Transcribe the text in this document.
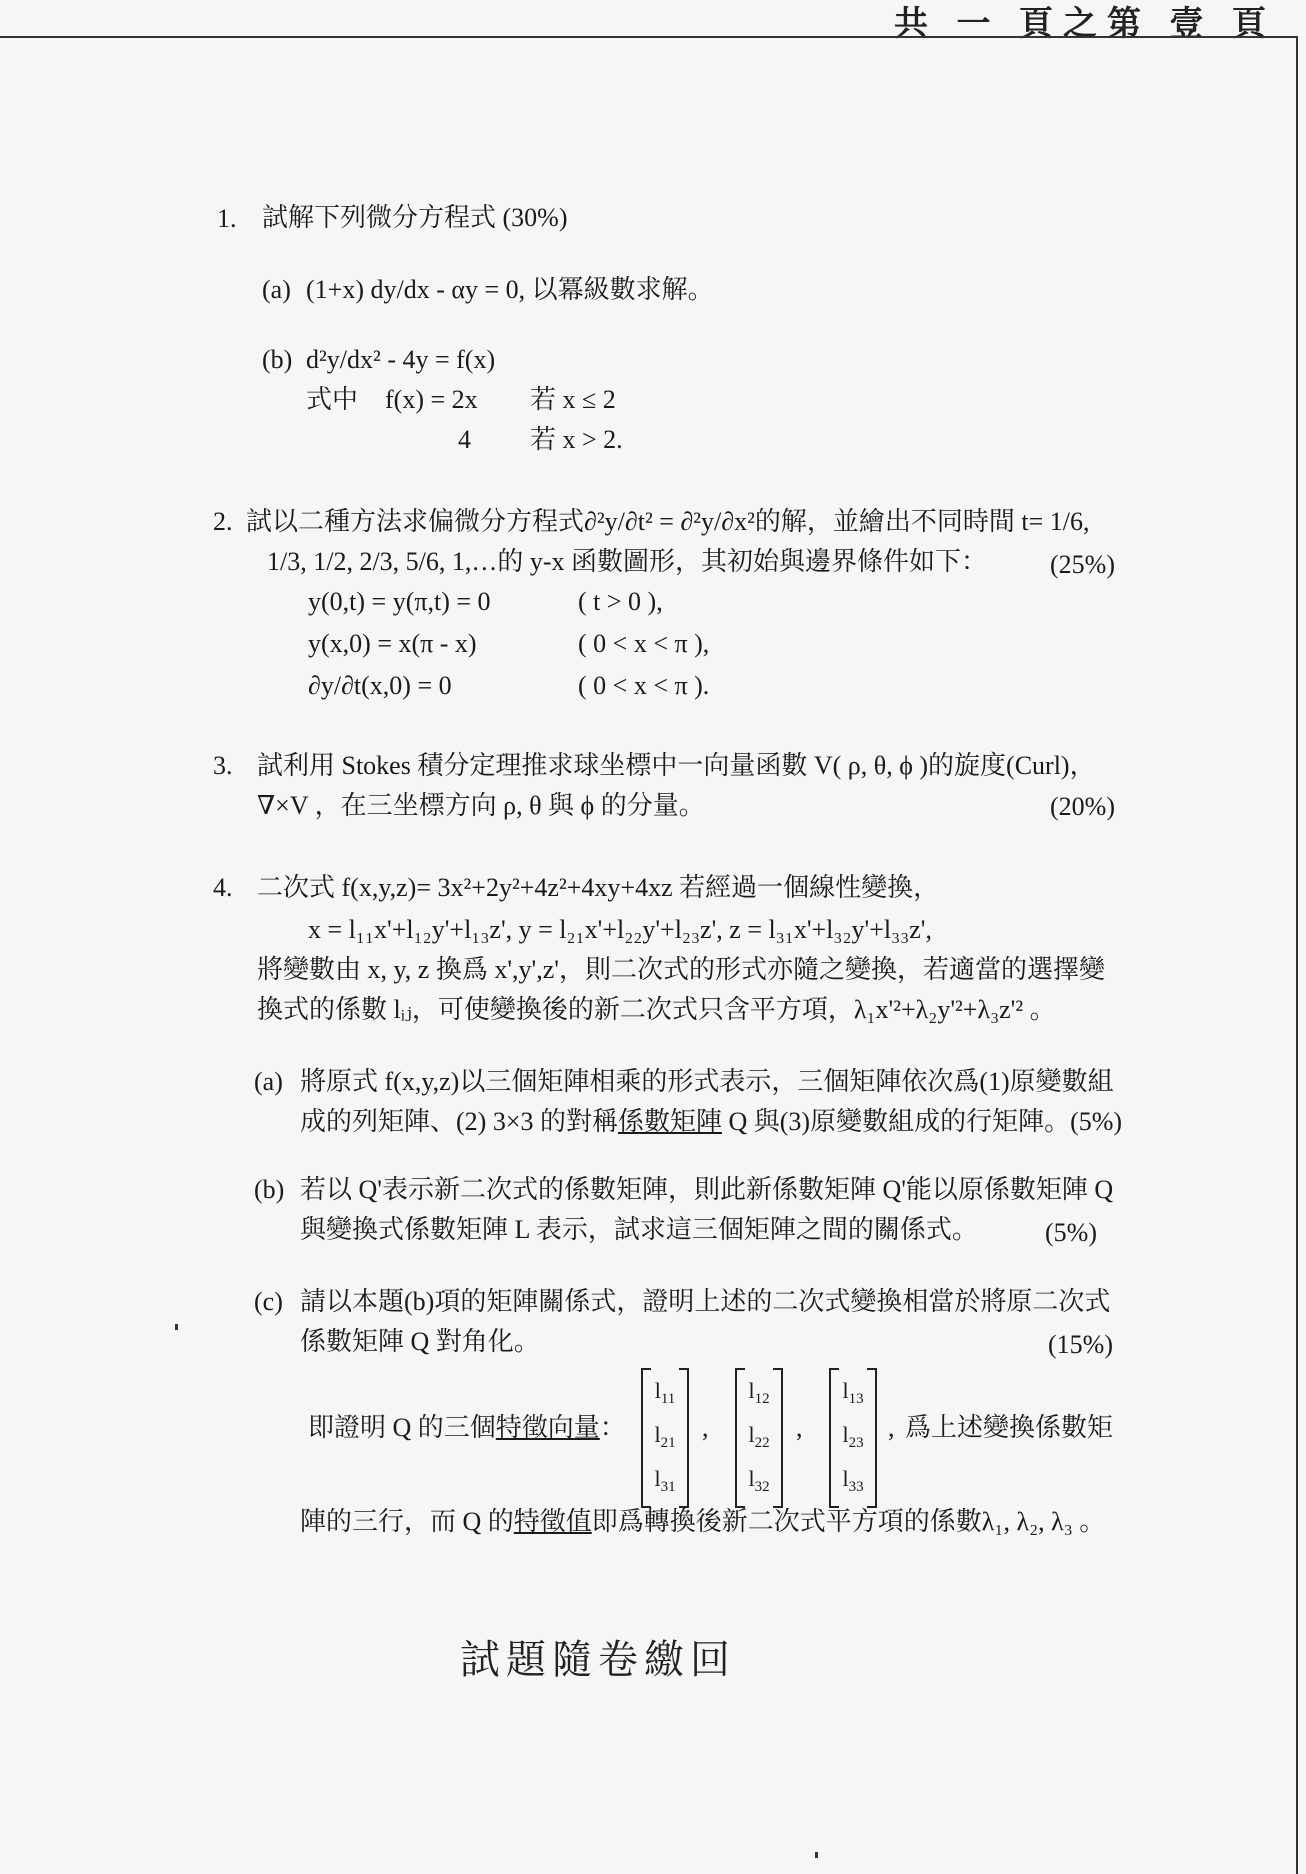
共 一 頁之第 壹 頁
1. 試解下列微分方程式 (30%)
(a) (1+x) dy/dx - αy = 0, 以冪級數求解。
(b) d²y/dx² - 4y = f(x)
式中 f(x) = 2x 若 x ≤ 2
4 若 x > 2.
2. 試以二種方法求偏微分方程式∂²y/∂t² = ∂²y/∂x²的解，並繪出不同時間 t= 1/6,
1/3, 1/2, 2/3, 5/6, 1,…的 y-x 函數圖形，其初始與邊界條件如下： (25%)
y(0,t) = y(π,t) = 0	( t > 0 ),
y(x,0) = x(π - x)	( 0 < x < π ),
∂y/∂t(x,0) = 0	( 0 < x < π ).
3. 試利用 Stokes 積分定理推求球坐標中一向量函數 V( ρ, θ, ϕ )的旋度(Curl)，
∇×V ，在三坐標方向 ρ, θ 與 ϕ 的分量。	(20%)
4. 二次式 f(x,y,z)= 3x²+2y²+4z²+4xy+4xz 若經過一個線性變換，
x = l₁₁x'+l₁₂y'+l₁₃z', y = l₂₁x'+l₂₂y'+l₂₃z', z = l₃₁x'+l₃₂y'+l₃₃z',
將變數由 x, y, z 換爲 x',y',z'，則二次式的形式亦隨之變換，若適當的選擇變
換式的係數 lᵢⱼ，可使變換後的新二次式只含平方項，λ₁x'²+λ₂y'²+λ₃z'² 。
(a) 將原式 f(x,y,z)以三個矩陣相乘的形式表示，三個矩陣依次爲(1)原變數組
成的列矩陣、(2) 3×3 的對稱係數矩陣 Q 與(3)原變數組成的行矩陣。(5%)
(b) 若以 Q'表示新二次式的係數矩陣，則此新係數矩陣 Q'能以原係數矩陣 Q
與變換式係數矩陣 L 表示，試求這三個矩陣之間的關係式。	(5%)
(c) 請以本題(b)項的矩陣關係式，證明上述的二次式變換相當於將原二次式
係數矩陣 Q 對角化。	(15%)
即證明 Q 的三個特徵向量：
$l_{11}$
$l_{21}$
$l_{31}$
,
$l_{12}$
$l_{22}$
$l_{32}$
,
$l_{13}$
$l_{23}$
$l_{33}$
, 爲上述變換係數矩
陣的三行，而 Q 的特徵值即爲轉換後新二次式平方項的係數λ₁, λ₂, λ₃ 。
試題隨卷繳回
